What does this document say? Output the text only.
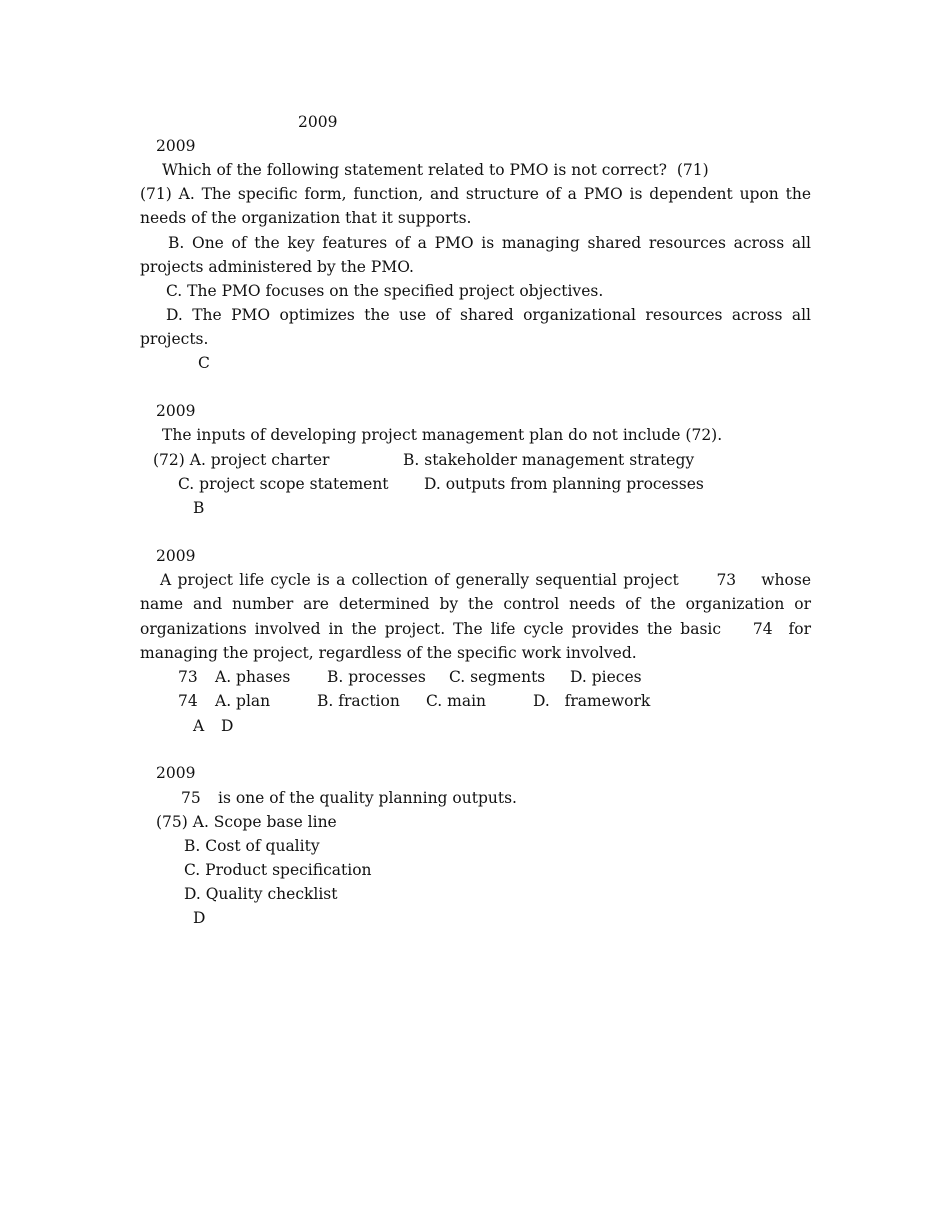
2009
2009
Which of the following statement related to PMO is not correct?  (71)
(71) A. The specific form, function, and structure of a PMO is dependent upon the needs of the organization that it supports.
B. One of the key features of a PMO is managing shared resources across all projects administered by the PMO.
C. The PMO focuses on the specified project objectives.
D. The PMO optimizes the use of shared organizational resources across all projects.
C
2009
The inputs of developing project management plan do not include (72).
(72) A. project charter	B. stakeholder management strategy
C. project scope statement D. outputs from planning processes
B
2009
A project life cycle is a collection of generally sequential project 73 whose name and number are determined by the control needs of the organization or organizations involved in the project. The life cycle provides the basic 74 for managing the project, regardless of the specific work involved.
73 A. phases B. processes C. segments D. pieces
74 A. plan	B. fraction C. main	D.   framework
A D
2009
75 is one of the quality planning outputs.
(75) A. Scope base line
B. Cost of quality
C. Product specification
D. Quality checklist
D
